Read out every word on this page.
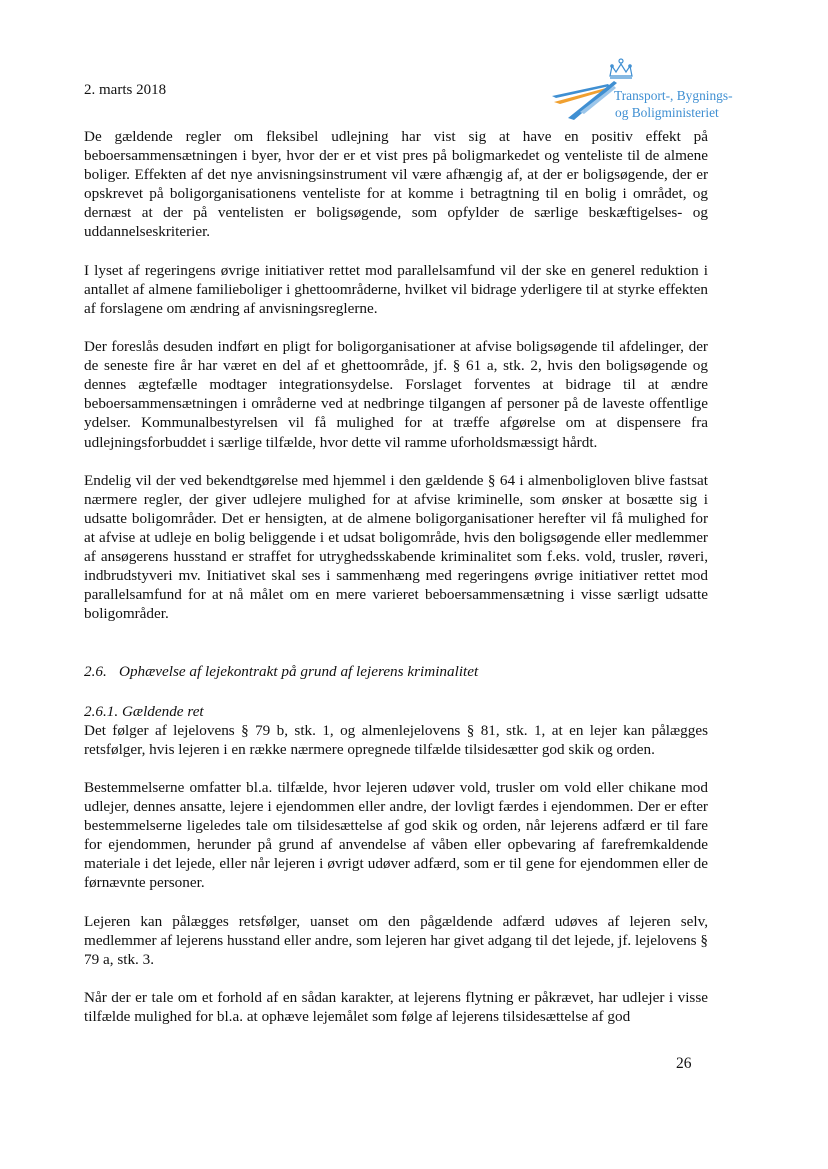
2. marts 2018	Transport-, Bygnings-
og Boligministeriet

De gældende regler om fleksibel udlejning har vist sig at have en positiv effekt på beboersammensætningen i byer, hvor der er et vist pres på boligmarkedet og venteliste til de almene boliger. Effekten af det nye anvisningsinstrument vil være afhængig af, at der er boligsøgende, der er opskrevet på boligorganisationens venteliste for at komme i betragtning til en bolig i området, og dernæst at der på ventelisten er boligsøgende, som opfylder de særlige beskæftigelses- og uddannelseskriterier.

I lyset af regeringens øvrige initiativer rettet mod parallelsamfund vil der ske en generel reduktion i antallet af almene familieboliger i ghettoområderne, hvilket vil bidrage yderligere til at styrke effekten af forslagene om ændring af anvisningsreglerne.

Der foreslås desuden indført en pligt for boligorganisationer at afvise boligsøgende til afdelinger, der de seneste fire år har været en del af et ghettoområde, jf. § 61 a, stk. 2, hvis den boligsøgende og dennes ægtefælle modtager integrationsydelse. Forslaget forventes at bidrage til at ændre beboersammensætningen i områderne ved at nedbringe tilgangen af personer på de laveste offentlige ydelser. Kommunalbestyrelsen vil få mulighed for at træffe afgørelse om at dispensere fra udlejningsforbuddet i særlige tilfælde, hvor dette vil ramme uforholdsmæssigt hårdt.

Endelig vil der ved bekendtgørelse med hjemmel i den gældende § 64 i almenboligloven blive fastsat nærmere regler, der giver udlejere mulighed for at afvise kriminelle, som ønsker at bosætte sig i udsatte boligområder. Det er hensigten, at de almene boligorganisationer herefter vil få mulighed for at afvise at udleje en bolig beliggende i et udsat boligområde, hvis den boligsøgende eller medlemmer af ansøgerens husstand er straffet for utryghedsskabende kriminalitet som f.eks. vold, trusler, røveri, indbrudstyveri mv. Initiativet skal ses i sammenhæng med regeringens øvrige initiativer rettet mod parallelsamfund for at nå målet om en mere varieret beboersammensætning i visse særligt udsatte boligområder.

2.6. Ophævelse af lejekontrakt på grund af lejerens kriminalitet
2.6.1. Gældende ret

Det følger af lejelovens § 79 b, stk. 1, og almenlejelovens § 81, stk. 1, at en lejer kan pålægges retsfølger, hvis lejeren i en række nærmere opregnede tilfælde tilsidesætter god skik og orden.

Bestemmelserne omfatter bl.a. tilfælde, hvor lejeren udøver vold, trusler om vold eller chikane mod udlejer, dennes ansatte, lejere i ejendommen eller andre, der lovligt færdes i ejendommen. Der er efter bestemmelserne ligeledes tale om tilsidesættelse af god skik og orden, når lejerens adfærd er til fare for ejendommen, herunder på grund af anvendelse af våben eller opbevaring af farefremkaldende materiale i det lejede, eller når lejeren i øvrigt udøver adfærd, som er til gene for ejendommen eller de førnævnte personer.

Lejeren kan pålægges retsfølger, uanset om den pågældende adfærd udøves af lejeren selv, medlemmer af lejerens husstand eller andre, som lejeren har givet adgang til det lejede, jf. lejelovens § 79 a, stk. 3.

Når der er tale om et forhold af en sådan karakter, at lejerens flytning er påkrævet, har udlejer i visse tilfælde mulighed for bl.a. at ophæve lejemålet som følge af lejerens tilsidesættelse af god

26
